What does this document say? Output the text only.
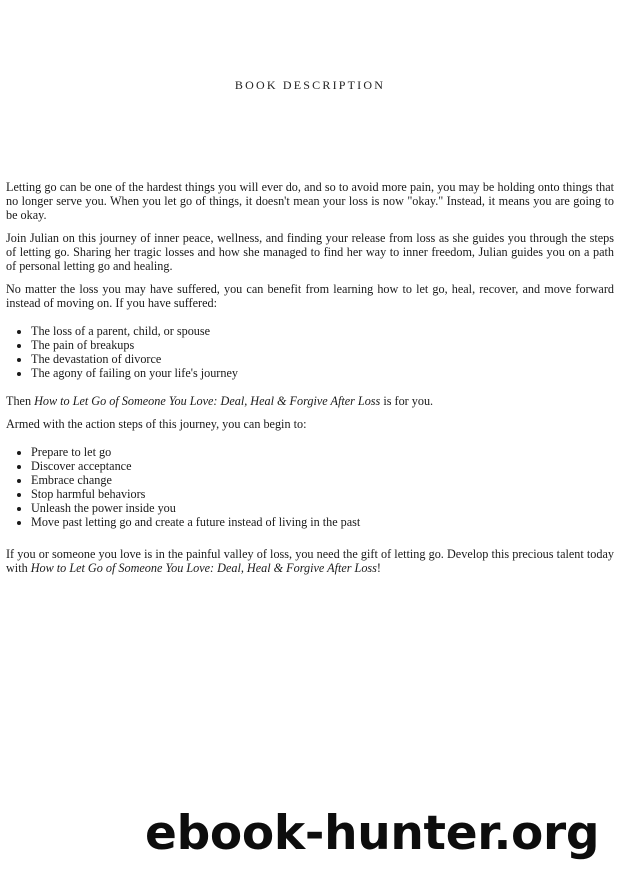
BOOK DESCRIPTION

Letting go can be one of the hardest things you will ever do, and so to avoid more pain, you may be holding onto things that no longer serve you. When you let go of things, it doesn't mean your loss is now "okay." Instead, it means you are going to be okay.

Join Julian on this journey of inner peace, wellness, and finding your release from loss as she guides you through the steps of letting go. Sharing her tragic losses and how she managed to find her way to inner freedom, Julian guides you on a path of personal letting go and healing.

No matter the loss you may have suffered, you can benefit from learning how to let go, heal, recover, and move forward instead of moving on. If you have suffered:

• The loss of a parent, child, or spouse
• The pain of breakups
• The devastation of divorce
• The agony of failing on your life's journey

Then How to Let Go of Someone You Love: Deal, Heal & Forgive After Loss is for you.

Armed with the action steps of this journey, you can begin to:

• Prepare to let go
• Discover acceptance
• Embrace change
• Stop harmful behaviors
• Unleash the power inside you
• Move past letting go and create a future instead of living in the past

If you or someone you love is in the painful valley of loss, you need the gift of letting go. Develop this precious talent today with How to Let Go of Someone You Love: Deal, Heal & Forgive After Loss!

ebook-hunter.org
